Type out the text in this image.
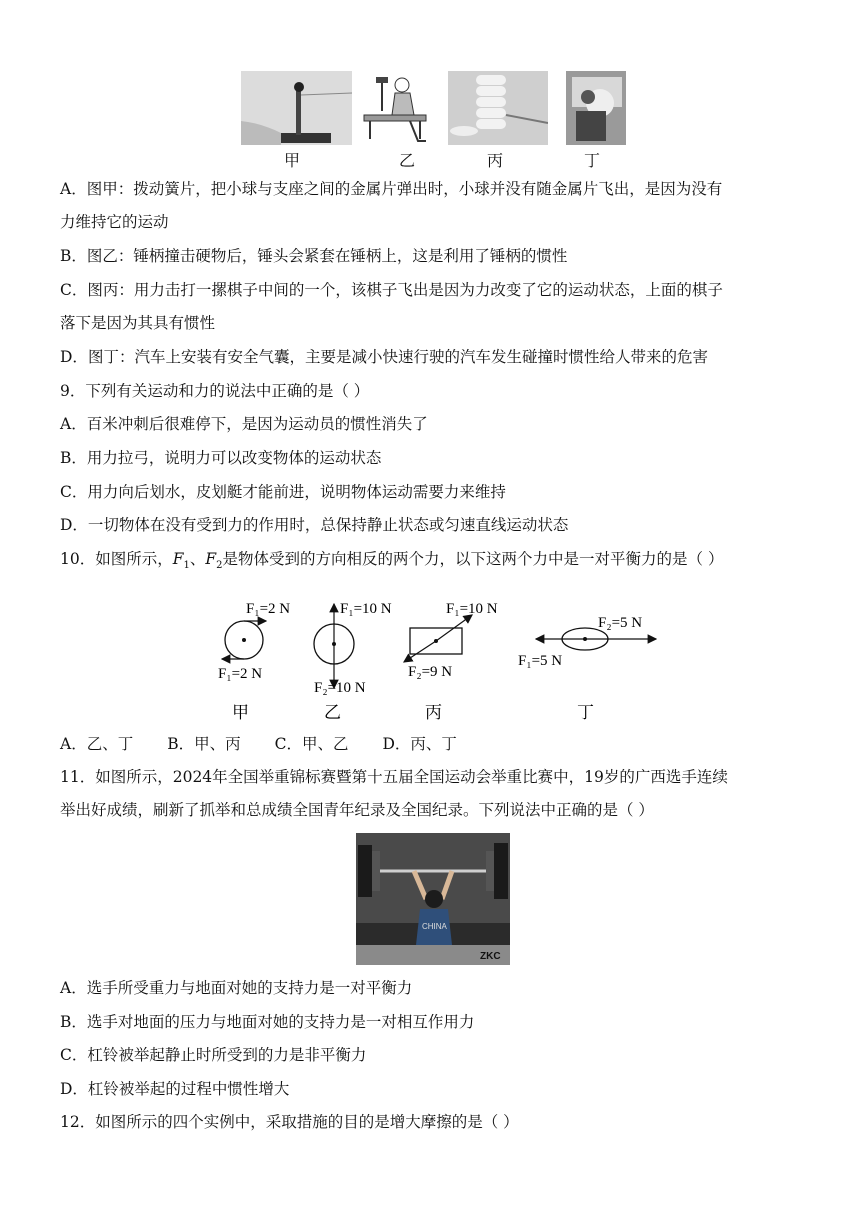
甲	乙	丙	丁
A．图甲：拨动簧片，把小球与支座之间的金属片弹出时，小球并没有随金属片飞出，是因为没有
力维持它的运动
B．图乙：锤柄撞击硬物后，锤头会紧套在锤柄上，这是利用了锤柄的惯性
C．图丙：用力击打一摞棋子中间的一个，该棋子飞出是因为力改变了它的运动状态，上面的棋子
落下是因为其具有惯性
D．图丁：汽车上安装有安全气囊，主要是减小快速行驶的汽车发生碰撞时惯性给人带来的危害
9．下列有关运动和力的说法中正确的是（ ）
A．百米冲刺后很难停下，是因为运动员的惯性消失了
B．用力拉弓，说明力可以改变物体的运动状态
C．用力向后划水，皮划艇才能前进，说明物体运动需要力来维持
D．一切物体在没有受到力的作用时，总保持静止状态或匀速直线运动状态
10．如图所示，$F_1$、$F_2$是物体受到的方向相反的两个力，以下这两个力中是一对平衡力的是（ ）
F₁=2 N
F₁=2 N
甲
F₁=10 N
F₂=10 N
乙
F₁=10 N
F₂=9 N
丙
F₂=5 N
F₁=5 N
丁
A．乙、丁 B．甲、丙 C．甲、乙 D．丙、丁
11．如图所示，2024年全国举重锦标赛暨第十五届全国运动会举重比赛中，19岁的广西选手连续
举出好成绩，刷新了抓举和总成绩全国青年纪录及全国纪录。下列说法中正确的是（ ）
CHINA
ZKC
A．选手所受重力与地面对她的支持力是一对平衡力
B．选手对地面的压力与地面对她的支持力是一对相互作用力
C．杠铃被举起静止时所受到的力是非平衡力
D．杠铃被举起的过程中惯性增大
12．如图所示的四个实例中，采取措施的目的是增大摩擦的是（ ）
